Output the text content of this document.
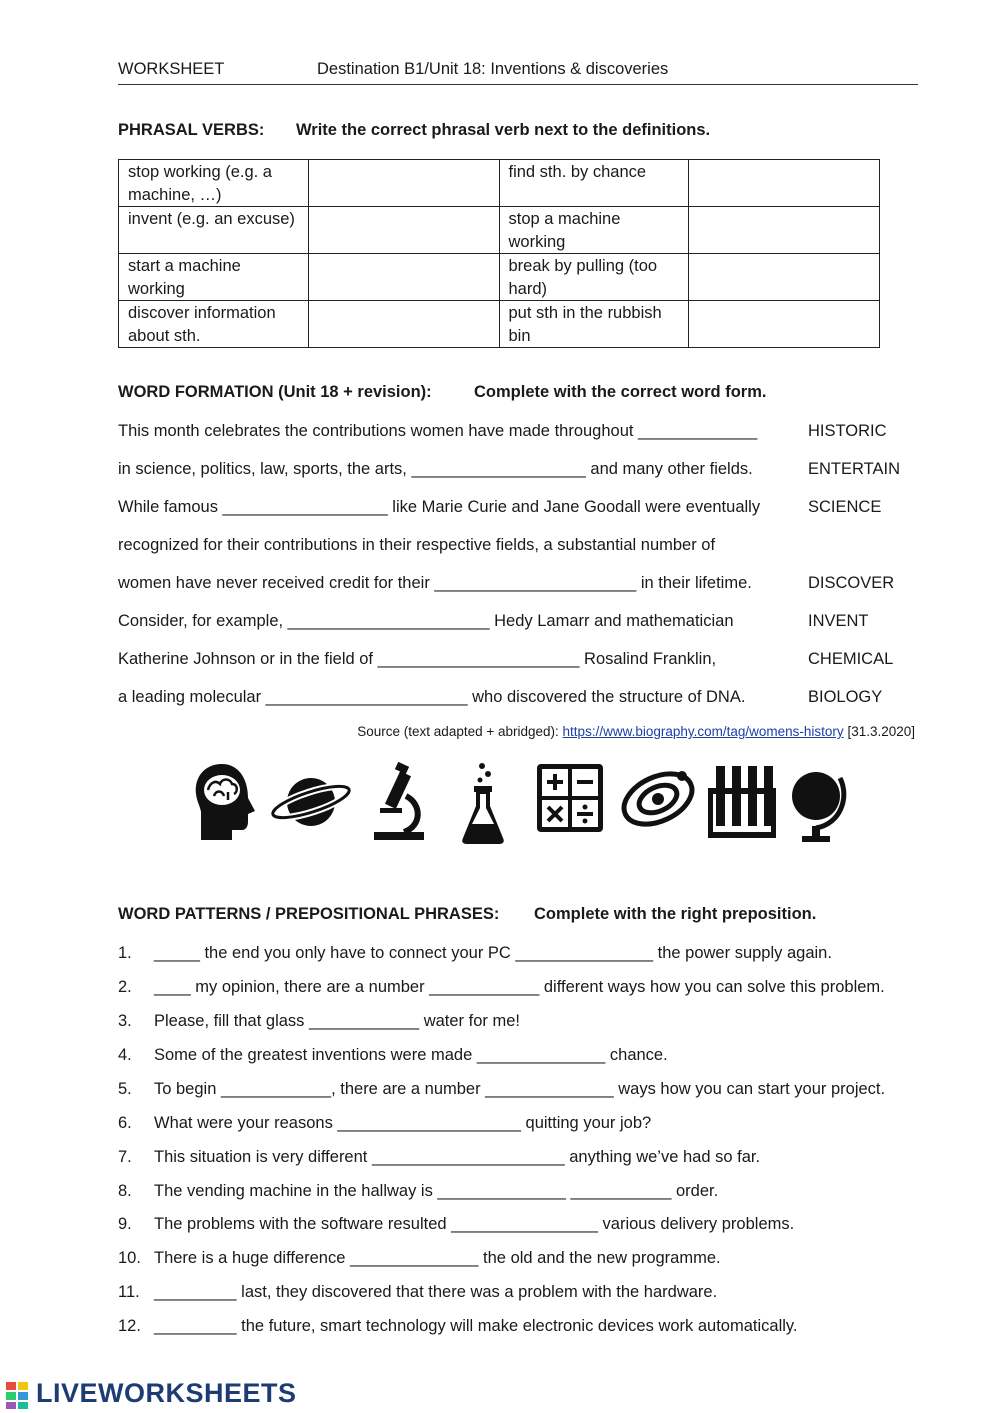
WORKSHEET	Destination B1/Unit 18: Inventions & discoveries
PHRASAL VERBS: Write the correct phrasal verb next to the definitions.
stop working (e.g. a machine, …)		find sth. by chance	
invent (e.g. an excuse)		stop a machine working	
start a machine working		break by pulling (too hard)	
discover information about sth.		put sth in the rubbish bin	
WORD FORMATION (Unit 18 + revision):	Complete with the correct word form.
This month celebrates the contributions women have made throughout _____________	HISTORIC
in science, politics, law, sports, the arts, ___________________ and many other fields.	ENTERTAIN
While famous __________________ like Marie Curie and Jane Goodall were eventually	SCIENCE
recognized for their contributions in their respective fields, a substantial number of
women have never received credit for their ______________________ in their lifetime.	DISCOVER
Consider, for example, ______________________ Hedy Lamarr and mathematician	INVENT
Katherine Johnson or in the field of ______________________ Rosalind Franklin,	CHEMICAL
a leading molecular ______________________ who discovered the structure of DNA.	BIOLOGY
Source (text adapted + abridged): https://www.biography.com/tag/womens-history [31.3.2020]
WORD PATTERNS / PREPOSITIONAL PHRASES: Complete with the right preposition.
1. _____ the end you only have to connect your PC _______________ the power supply again.
2. ____ my opinion, there are a number ____________ different ways how you can solve this problem.
3. Please, fill that glass ____________ water for me!
4. Some of the greatest inventions were made ______________ chance.
5. To begin ____________, there are a number ______________ ways how you can start your project.
6. What were your reasons ____________________ quitting your job?
7. This situation is very different _____________________ anything we’ve had so far.
8. The vending machine in the hallway is ______________ ___________ order.
9. The problems with the software resulted ________________ various delivery problems.
10. There is a huge difference ______________ the old and the new programme.
11. _________ last, they discovered that there was a problem with the hardware.
12. _________ the future, smart technology will make electronic devices work automatically.
LIVEWORKSHEETS
